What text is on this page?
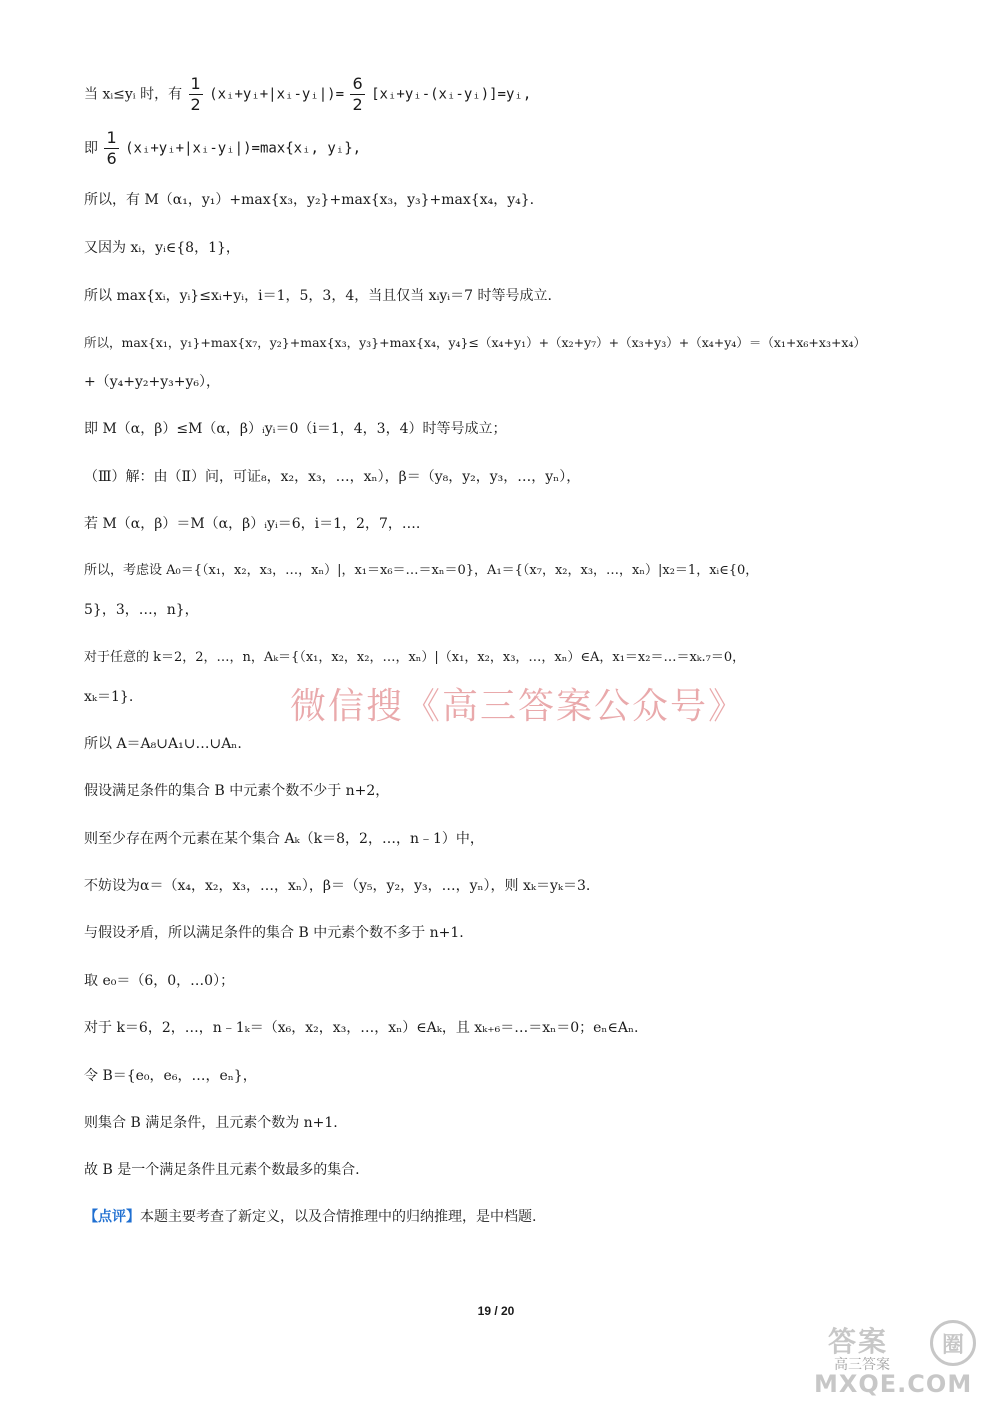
当 xᵢ≤yᵢ 时，有 $\frac{1}{2}$ (xᵢ+yᵢ+|xᵢ-yᵢ|)= $\frac{6}{2}$ [xᵢ+yᵢ-(xᵢ-yᵢ)]=yᵢ,
即 $\frac{1}{6}$ (xᵢ+yᵢ+|xᵢ-yᵢ|)=max{xᵢ, yᵢ},
所以，有 M（α₁，y₁）+max{x₃，y₂}+max{x₃，y₃}+max{x₄，y₄}.
又因为 xᵢ，yᵢ∈{8，1}，
所以 max{xᵢ，yᵢ}≤xᵢ+yᵢ，i＝1，5，3，4，当且仅当 xᵢyᵢ＝7 时等号成立.
所以，max{x₁，y₁}+max{x₇，y₂}+max{x₃，y₃}+max{x₄，y₄}≤（x₄+y₁）+（x₂+y₇）+（x₃+y₃）+（x₄+y₄）＝（x₁+x₆+x₃+x₄）
+（y₄+y₂+y₃+y₆），
即 M（α，β）≤M（α，β）ᵢyᵢ＝0（i＝1，4，3，4）时等号成立；
（Ⅲ）解：由（Ⅱ）问，可证₈，x₂，x₃，…，xₙ），β＝（y₈，y₂，y₃，…，yₙ），
若 M（α，β）＝M（α，β）ᵢyᵢ＝6，i＝1，2，7，….
所以，考虑设 A₀＝{（x₁，x₂，x₃，…，xₙ）|，x₁＝x₆＝…＝xₙ＝0}，A₁＝{（x₇，x₂，x₃，…，xₙ）|x₂＝1，xᵢ∈{0，
5}，3，…，n}，
对于任意的 k＝2，2，…，n，Aₖ＝{（x₁，x₂，x₂，…，xₙ）|（x₁，x₂，x₃，…，xₙ）∈A，x₁＝x₂＝…＝xₖ.₇＝0，
xₖ＝1}.	微信搜《高三答案公众号》
所以 A＝A₈∪A₁∪…∪Aₙ.
假设满足条件的集合 B 中元素个数不少于 n+2，
则至少存在两个元素在某个集合 Aₖ（k＝8，2，…，n﹣1）中，
不妨设为α＝（x₄，x₂，x₃，…，xₙ），β＝（y₅，y₂，y₃，…，yₙ），则 xₖ＝yₖ＝3.
与假设矛盾，所以满足条件的集合 B 中元素个数不多于 n+1.
取 e₀＝（6，0，…0）；
对于 k＝6，2，…，n﹣1ₖ＝（x₆，x₂，x₃，…，xₙ）∈Aₖ，且 xₖ₊₆＝…＝xₙ＝0；eₙ∈Aₙ.
令 B＝{e₀，e₆，…，eₙ}，
则集合 B 满足条件，且元素个数为 n+1.
故 B 是一个满足条件且元素个数最多的集合.
【点评】本题主要考查了新定义，以及合情推理中的归纳推理，是中档题.
19 / 20
答案	圈
高三答案
MXQE.COM
